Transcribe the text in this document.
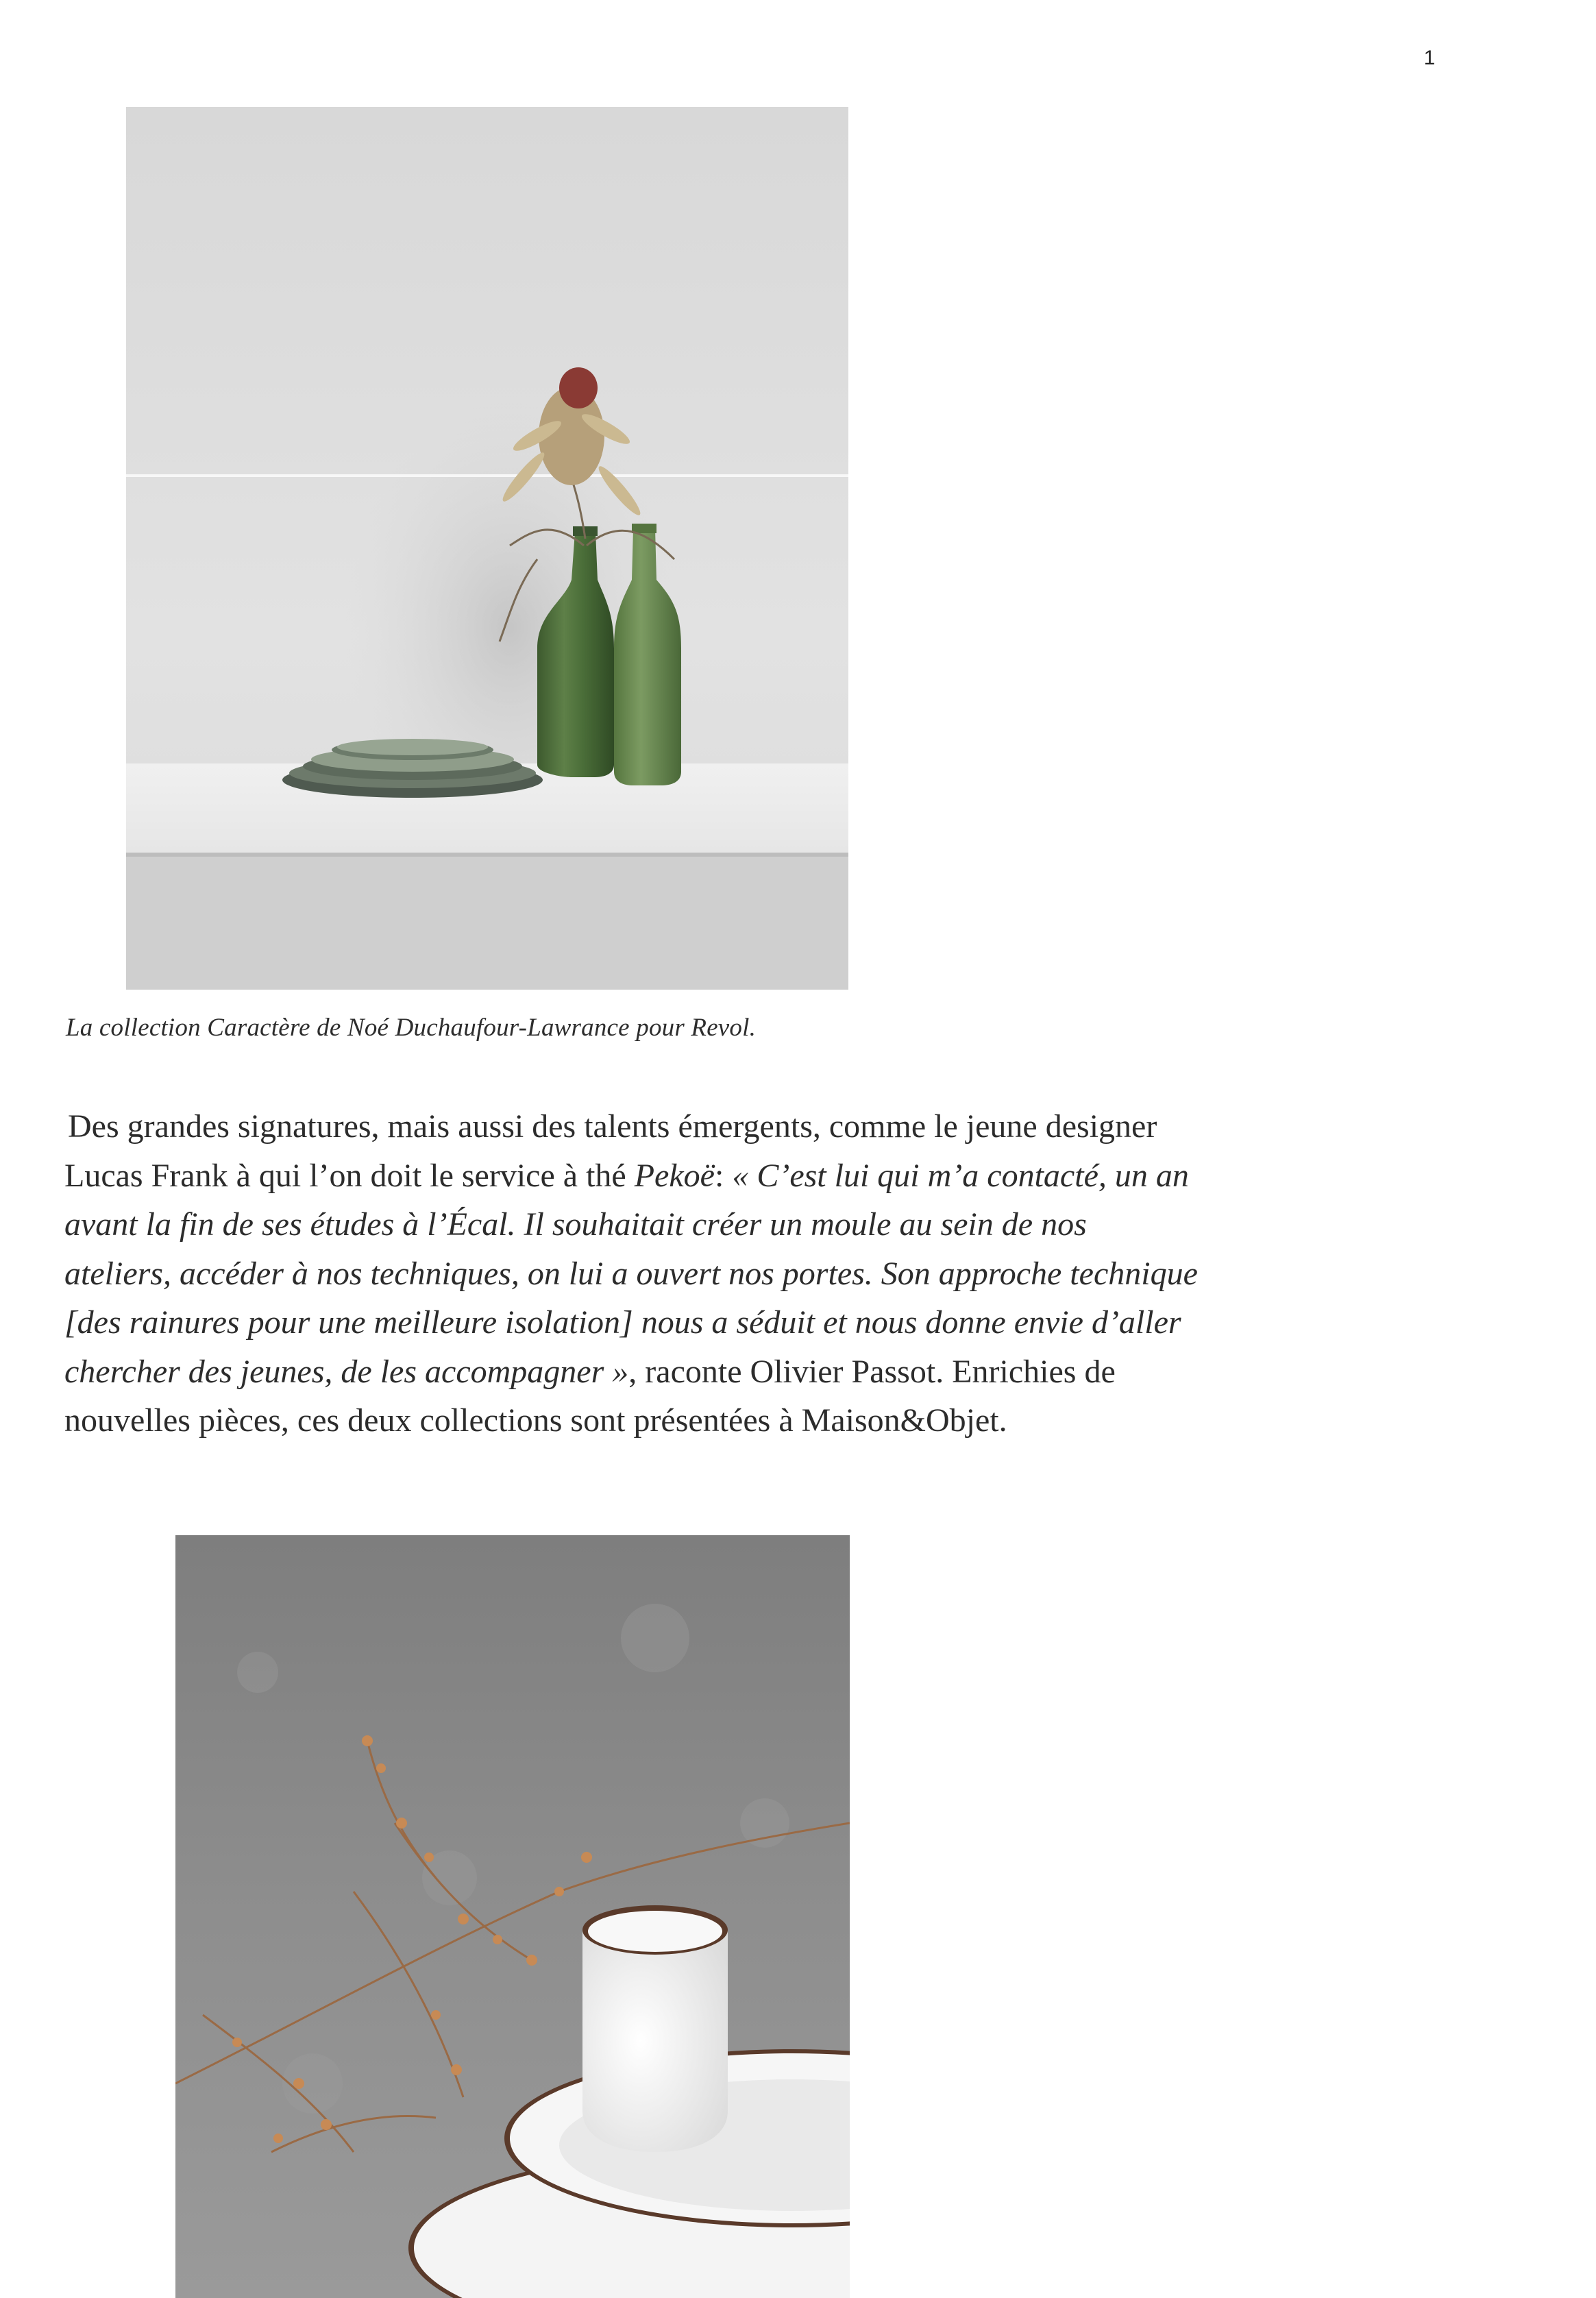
1
La collection Caractère de Noé Duchaufour-Lawrance pour Revol.
Des grandes signatures, mais aussi des talents émergents, comme le jeune designer
Lucas Frank à qui l’on doit le service à thé Pekoë: « C’est lui qui m’a contacté, un an
avant la fin de ses études à l’Écal. Il souhaitait créer un moule au sein de nos
ateliers, accéder à nos techniques, on lui a ouvert nos portes. Son approche technique
[des rainures pour une meilleure isolation] nous a séduit et nous donne envie d’aller
chercher des jeunes, de les accompagner », raconte Olivier Passot. Enrichies de
nouvelles pièces, ces deux collections sont présentées à Maison&Objet.
